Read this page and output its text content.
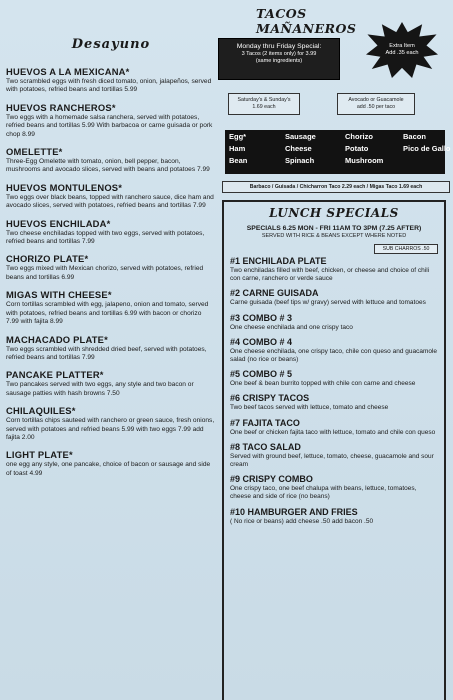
Desayuno
HUEVOS A LA MEXICANA*
Two scrambled eggs with fresh diced tomato, onion, jalapeños, served with potatoes, refried beans and tortillas 5.99
HUEVOS RANCHEROS*
Two eggs with a homemade salsa ranchera, served with potatoes, refried beans and tortillas 5.99 With barbacoa or carne guisada or pork chop 8.99
OMELETTE*
Three-Egg Omelette with tomato, onion, bell pepper, bacon, mushrooms and avocado slices, served with beans and potatoes 7.99
HUEVOS MONTULENOS*
Two eggs over black beans, topped with ranchero sauce, dice ham and avocado slices, served with potatoes, refried beans and tortillas 7.99
HUEVOS ENCHILADA*
Two cheese enchiladas topped with two eggs, served with potatoes, refried beans and tortillas 7.99
CHORIZO PLATE*
Two eggs mixed with Mexican chorizo, served with potatoes, refried beans and tortillas 6.99
MIGAS WITH CHEESE*
Corn tortillas scrambled with egg, jalapeno, onion and tomato, served with potatoes, refried beans and tortillas 6.99 with bacon or chorizo 7.99 with fajita 8.99
MACHACADO PLATE*
Two eggs scrambled with shredded dried beef, served with potatoes, refried beans and tortillas 7.99
PANCAKE PLATTER*
Two pancakes served with two eggs, any style and two bacon or sausage patties with hash browns 7.50
CHILAQUILES*
Corn tortillas chips sauteed with ranchero or green sauce, fresh onions, served with potatoes and refried beans 5.99 with two eggs 7.99 add fajita 2.00
LIGHT PLATE*
one egg any style, one pancake, choice of bacon or sausage and side of toast 4.99
TACOS MAÑANEROS
Monday thru Friday Special:
3 Tacos (2 items only) for 3.99
(same ingredients)
Extra Item
Add .35 each
Saturday's & Sunday's
1.69 each
Avocado or Guacamole
add .50 per taco
Egg*	Sausage	Chorizo	Bacon
Ham	Cheese	Potato	Pico de Gallo
Bean	Spinach	Mushroom
Barbaco / Guisada / Chicharron Taco 2.29 each / Migas Taco 1.69 each
LUNCH SPECIALS
SPECIALS 6.25 MON - FRI 11AM TO 3PM (7.25 AFTER)
SERVED WITH RICE & BEANS EXCEPT WHERE NOTED
SUB CHARROS .50
#1 ENCHILADA PLATE
Two enchiladas filled with beef, chicken, or cheese and choice of chili con carne, ranchero or verde sauce
#2 CARNE GUISADA
Carne guisada (beef tips w/ gravy) served with lettuce and tomatoes
#3 COMBO # 3
One cheese enchilada and one crispy taco
#4 COMBO # 4
One cheese enchilada, one crispy taco, chile con queso and guacamole salad (no rice or beans)
#5 COMBO # 5
One beef & bean burrito topped with chile con carne and cheese
#6 CRISPY TACOS
Two beef tacos served with lettuce, tomato and cheese
#7 FAJITA TACO
One beef or chicken fajita taco with lettuce, tomato and chile con queso
#8 TACO SALAD
Served with ground beef, lettuce, tomato, cheese, guacamole and sour cream
#9 CRISPY COMBO
One crispy taco, one beef chalupa with beans, lettuce, tomatoes, cheese and side of rice (no beans)
#10 HAMBURGER AND FRIES
( No rice or beans) add cheese .50 add bacon .50
